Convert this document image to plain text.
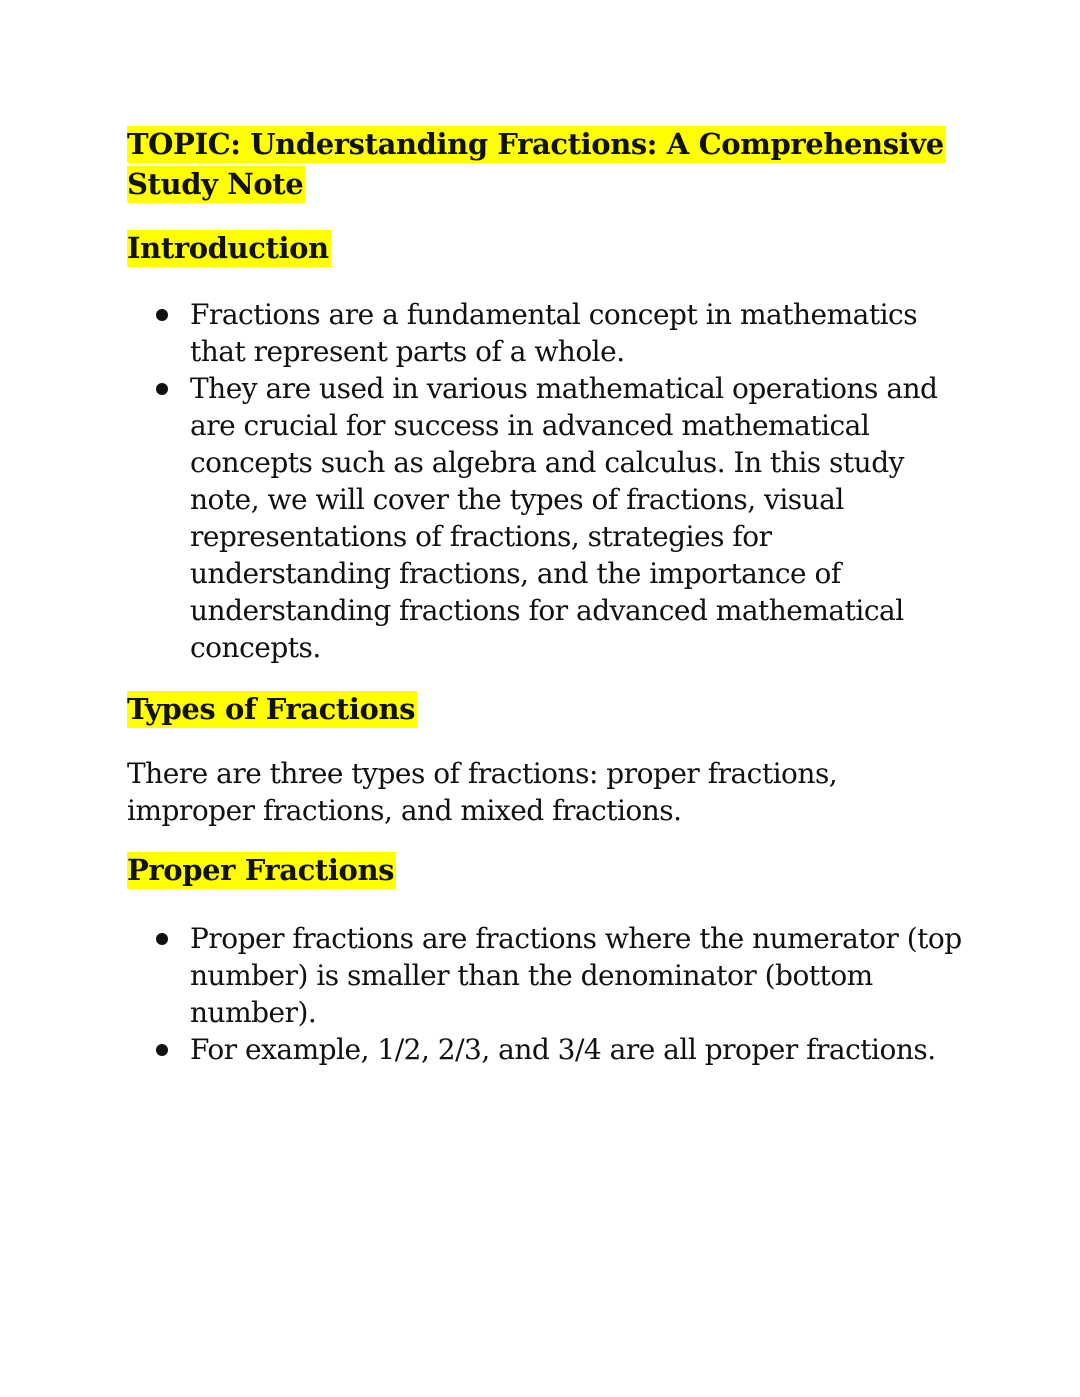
TOPIC: Understanding Fractions: A Comprehensive Study Note
Introduction
Fractions are a fundamental concept in mathematics that represent parts of a whole.
They are used in various mathematical operations and are crucial for success in advanced mathematical concepts such as algebra and calculus. In this study note, we will cover the types of fractions, visual representations of fractions, strategies for understanding fractions, and the importance of understanding fractions for advanced mathematical concepts.
Types of Fractions

There are three types of fractions: proper fractions, improper fractions, and mixed fractions.

Proper Fractions
Proper fractions are fractions where the numerator (top number) is smaller than the denominator (bottom number).
For example, 1/2, 2/3, and 3/4 are all proper fractions.
